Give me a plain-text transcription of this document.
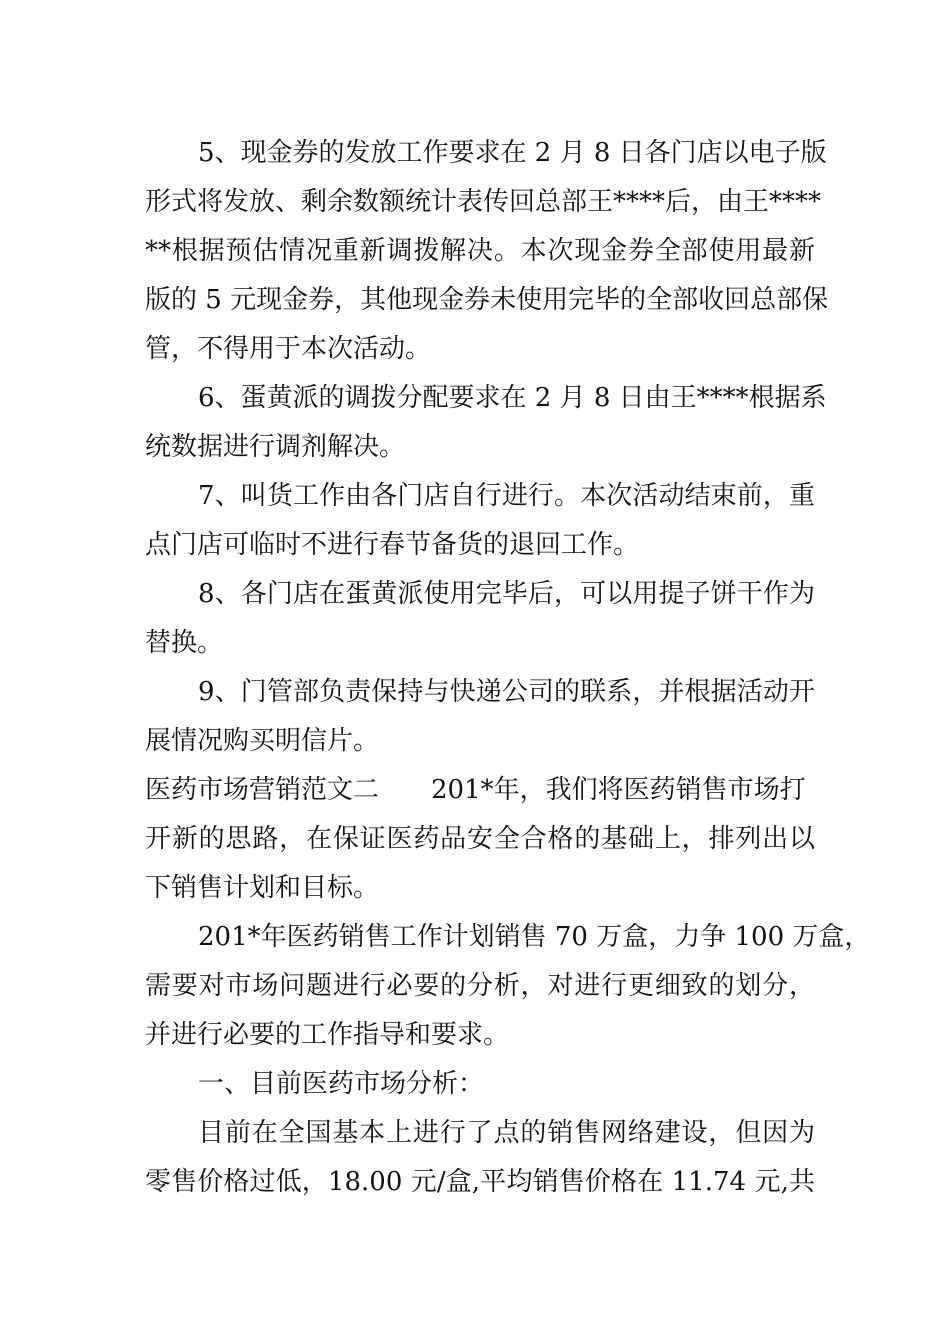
5、现金券的发放工作要求在 2 月 8 日各门店以电子版
形式将发放、剩余数额统计表传回总部王****后，由王****
**根据预估情况重新调拨解决。本次现金券全部使用最新
版的 5 元现金券，其他现金券未使用完毕的全部收回总部保
管，不得用于本次活动。
6、蛋黄派的调拨分配要求在 2 月 8 日由王****根据系
统数据进行调剂解决。
7、叫货工作由各门店自行进行。本次活动结束前，重
点门店可临时不进行春节备货的退回工作。
8、各门店在蛋黄派使用完毕后，可以用提子饼干作为
替换。
9、门管部负责保持与快递公司的联系，并根据活动开
展情况购买明信片。
医药市场营销范文二 201*年，我们将医药销售市场打
开新的思路，在保证医药品安全合格的基础上，排列出以
下销售计划和目标。
201*年医药销售工作计划销售 70 万盒，力争 100 万盒，
需要对市场问题进行必要的分析，对进行更细致的划分，
并进行必要的工作指导和要求。
一、目前医药市场分析：
目前在全国基本上进行了点的销售网络建设，但因为
零售价格过低，18.00 元/盒,平均销售价格在 11.74 元,共
